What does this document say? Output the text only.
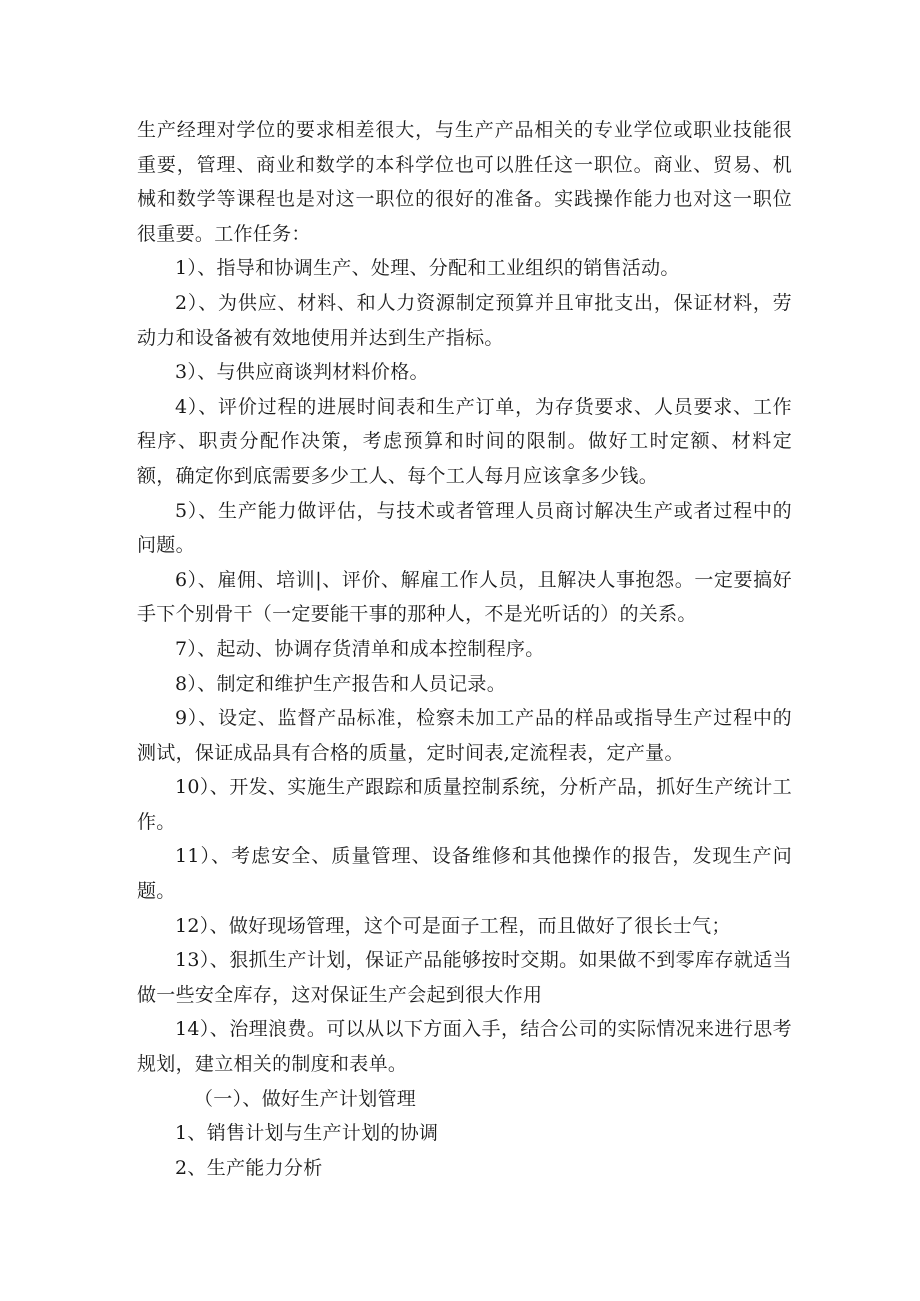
生产经理对学位的要求相差很大，与生产产品相关的专业学位或职业技能很重要，管理、商业和数学的本科学位也可以胜任这一职位。商业、贸易、机械和数学等课程也是对这一职位的很好的准备。实践操作能力也对这一职位很重要。工作任务：

1）、指导和协调生产、处理、分配和工业组织的销售活动。

2）、为供应、材料、和人力资源制定预算并且审批支出，保证材料，劳动力和设备被有效地使用并达到生产指标。

3）、与供应商谈判材料价格。

4）、评价过程的进展时间表和生产订单，为存货要求、人员要求、工作程序、职责分配作决策，考虑预算和时间的限制。做好工时定额、材料定额，确定你到底需要多少工人、每个工人每月应该拿多少钱。

5）、生产能力做评估，与技术或者管理人员商讨解决生产或者过程中的问题。

6）、雇佣、培训|、评价、解雇工作人员，且解决人事抱怨。一定要搞好手下个别骨干（一定要能干事的那种人，不是光听话的）的关系。

7）、起动、协调存货清单和成本控制程序。

8）、制定和维护生产报告和人员记录。

9）、设定、监督产品标准，检察未加工产品的样品或指导生产过程中的测试，保证成品具有合格的质量，定时间表,定流程表，定产量。

10）、开发、实施生产跟踪和质量控制系统，分析产品，抓好生产统计工作。

11）、考虑安全、质量管理、设备维修和其他操作的报告，发现生产问题。

12）、做好现场管理，这个可是面子工程，而且做好了很长士气；

13）、狠抓生产计划，保证产品能够按时交期。如果做不到零库存就适当做一些安全库存，这对保证生产会起到很大作用

14）、治理浪费。可以从以下方面入手，结合公司的实际情况来进行思考规划，建立相关的制度和表单。

（一）、做好生产计划管理

1、销售计划与生产计划的协调

2、生产能力分析
